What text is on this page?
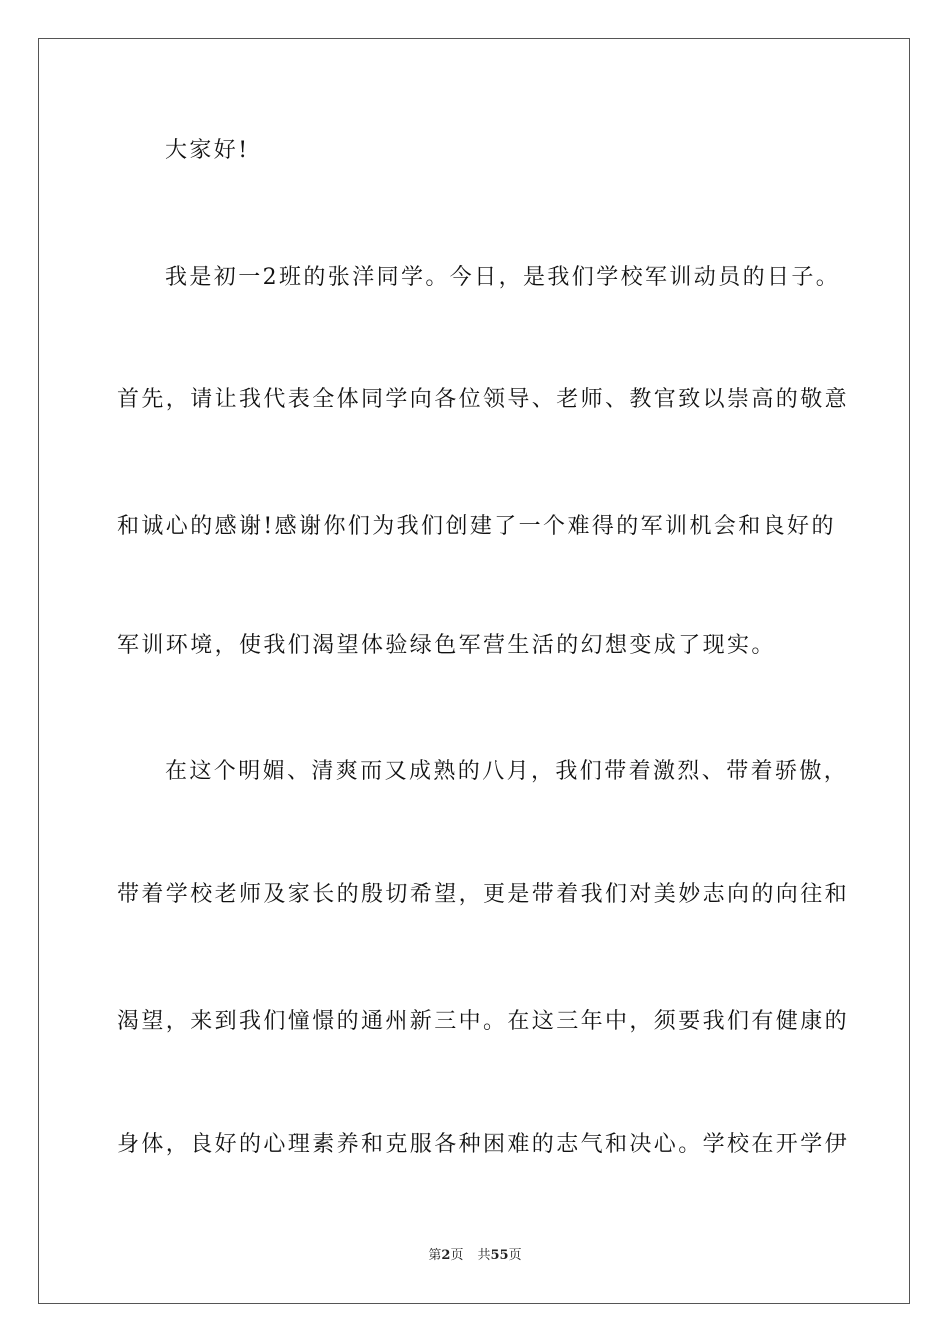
大家好!
我是初一2班的张洋同学。今日，是我们学校军训动员的日子。
首先，请让我代表全体同学向各位领导、老师、教官致以崇高的敬意
和诚心的感谢!感谢你们为我们创建了一个难得的军训机会和良好的
军训环境，使我们渴望体验绿色军营生活的幻想变成了现实。
在这个明媚、清爽而又成熟的八月，我们带着激烈、带着骄傲，
带着学校老师及家长的殷切希望，更是带着我们对美妙志向的向往和
渴望，来到我们憧憬的通州新三中。在这三年中，须要我们有健康的
身体，良好的心理素养和克服各种困难的志气和决心。学校在开学伊
第2页 共55页
